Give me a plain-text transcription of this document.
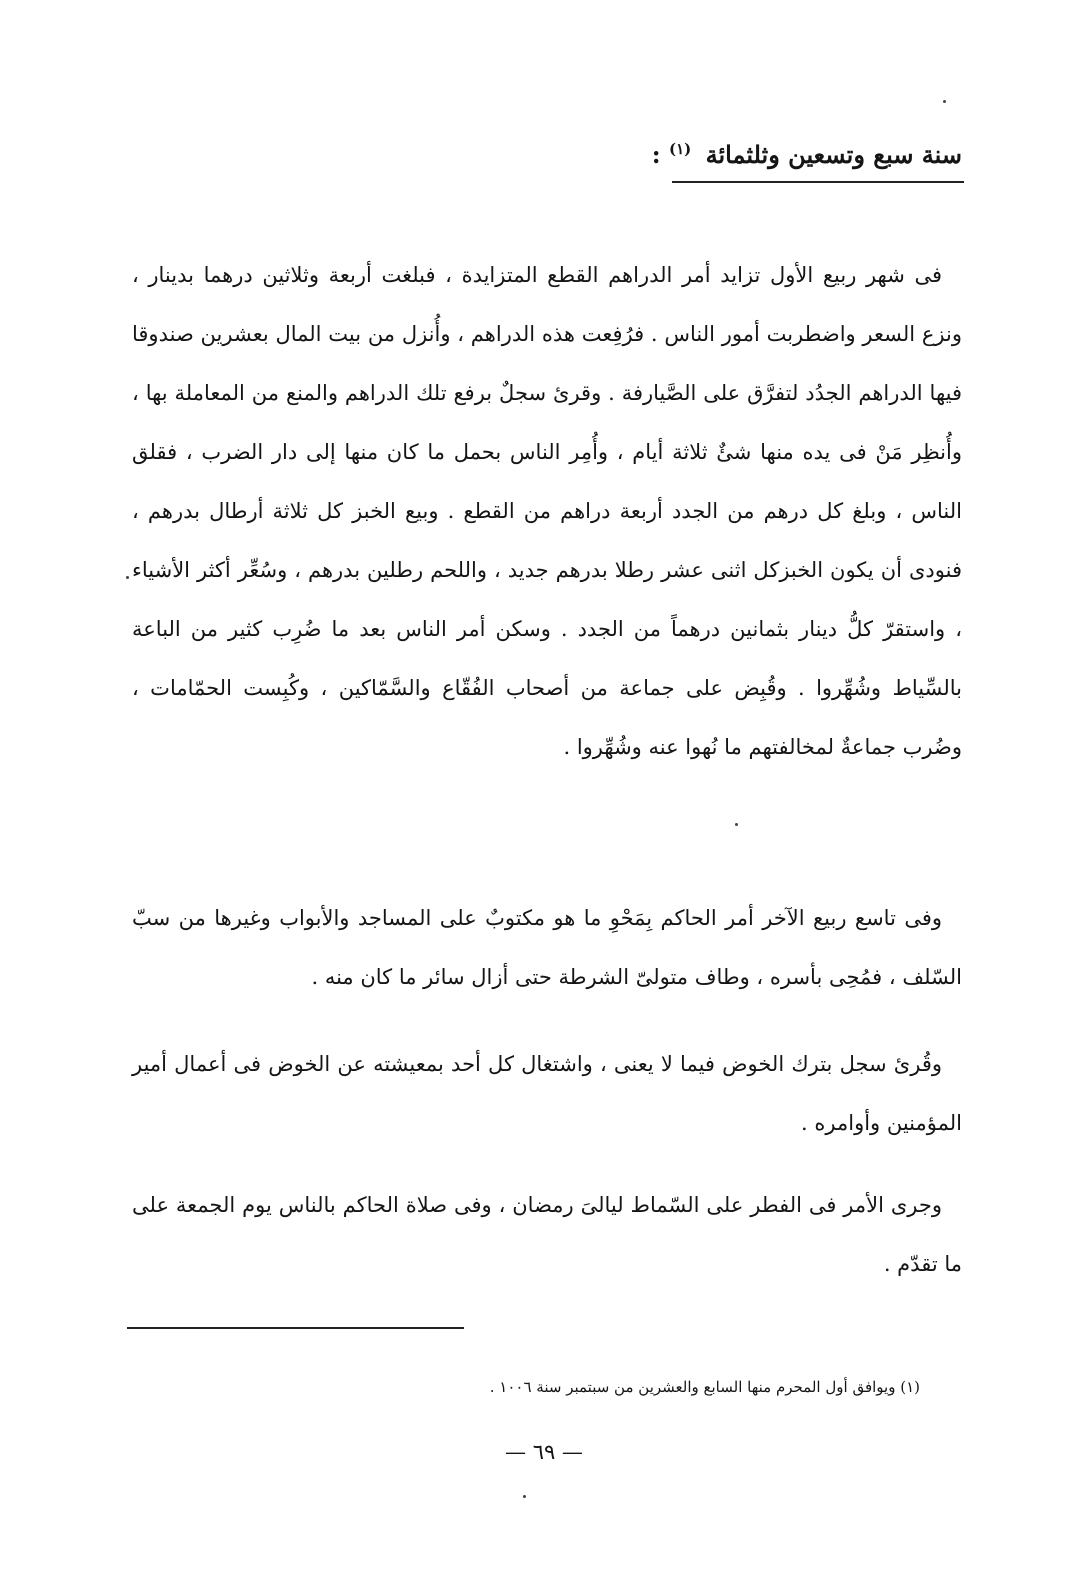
سنة سبع وتسعين وثلثمائة $^{(١)}$ :

فى شهر ربيع الأول تزايد أمر الدراهم القطع المتزايدة ، فبلغت أربعة وثلاثين درهما بدينار ، ونزع السعر واضطربت أمور الناس . فرُفِعت هذه الدراهم ، وأُنزل من بيت المال بعشرين صندوقا فيها الدراهم الجدُد لتفرَّق على الصَّيارفة . وقرئ سجلٌ برفع تلك الدراهم والمنع من المعاملة بها ، وأُنظِر مَنْ فى يده منها شئٌ ثلاثة أيام ، وأُمِر الناس بحمل ما كان منها إلى دار الضرب ، فقلق الناس ، وبلغ كل درهم من الجدد أربعة دراهم من القطع . وبيع الخبز كل ثلاثة أرطال بدرهم ، فنودى أن يكون الخبزكل اثنى عشر رطلا بدرهم جديد ، واللحم رطلين بدرهم ، وسُعِّر أكثر الأشياء ، واستقرّ كلُّ دينار بثمانين درهماً من الجدد . وسكن أمر الناس بعد ما ضُرِب كثير من الباعة بالسِّياط وشُهِّروا . وقُبِض على جماعة من أصحاب الفُقّاع والسَّمّاكين ، وكُبِست الحمّامات ، وضُرب جماعةٌ لمخالفتهم ما نُهوا عنه وشُهِّروا .

وفى تاسع ربيع الآخر أمر الحاكم بِمَحْوِ ما هو مكتوبٌ على المساجد والأبواب وغيرها من سبّ السّلف ، فمُحِى بأسره ، وطاف متولىّ الشرطة حتى أزال سائر ما كان منه .

وقُرئ سجل بترك الخوض فيما لا يعنى ، واشتغال كل أحد بمعيشته عن الخوض فى أعمال أمير المؤمنين وأوامره .

وجرى الأمر فى الفطر على السّماط ليالىَ رمضان ، وفى صلاة الحاكم بالناس يوم الجمعة على ما تقدّم .

(١) ويوافق أول المحرم منها السابع والعشرين من سبتمبر سنة ١٠٠٦ .
— ٦٩ —
